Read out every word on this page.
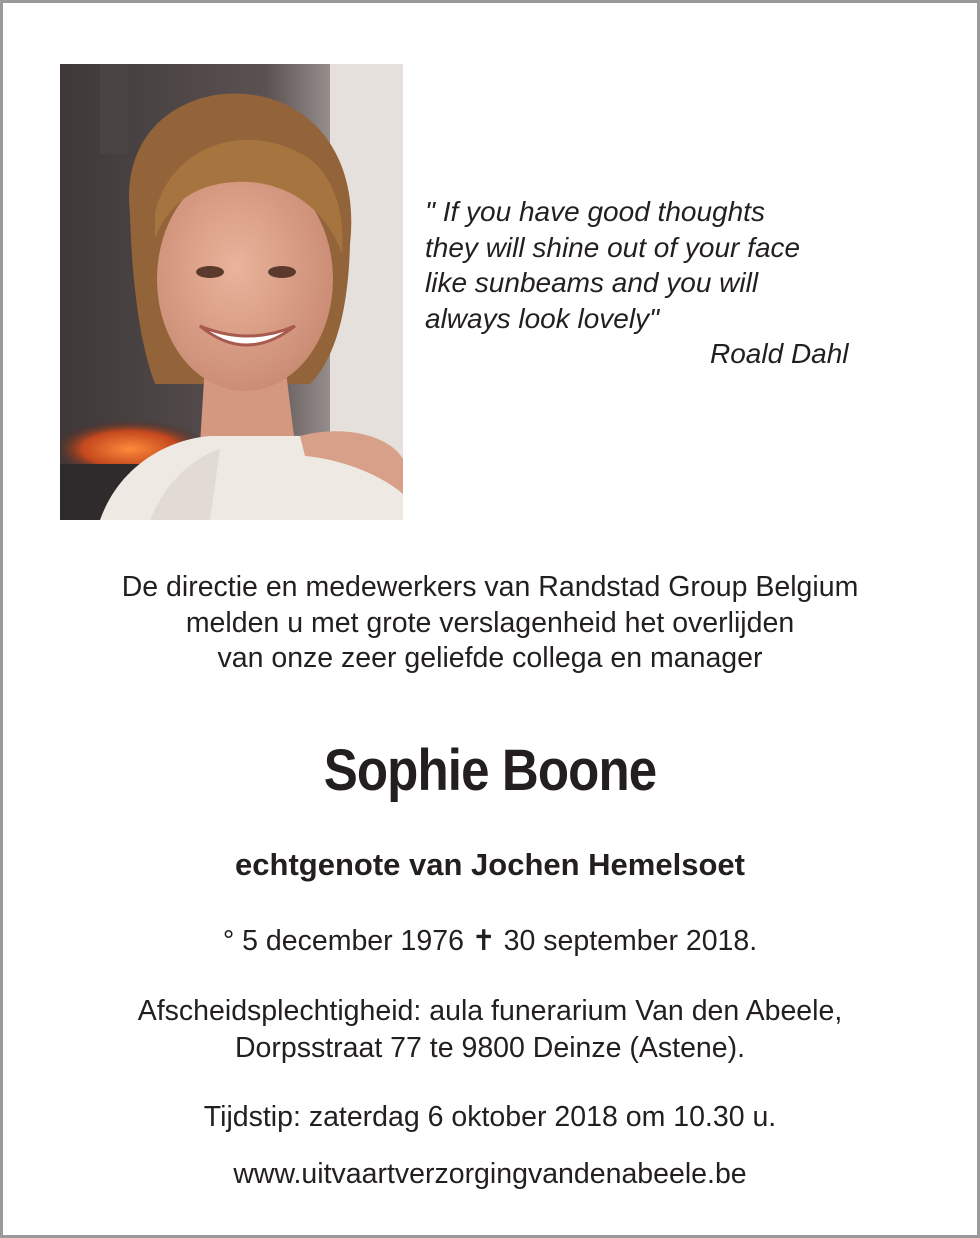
" If you have good thoughts
they will shine out of your face
like sunbeams and you will
always look lovely"
Roald Dahl
De directie en medewerkers van Randstad Group Belgium
melden u met grote verslagenheid het overlijden
van onze zeer geliefde collega en manager
Sophie Boone
echtgenote van Jochen Hemelsoet
° 5 december 1976 ✝ 30 september 2018.
Afscheidsplechtigheid: aula funerarium Van den Abeele,
Dorpsstraat 77 te 9800 Deinze (Astene).
Tijdstip: zaterdag 6 oktober 2018 om 10.30 u.
www.uitvaartverzorgingvandenabeele.be
